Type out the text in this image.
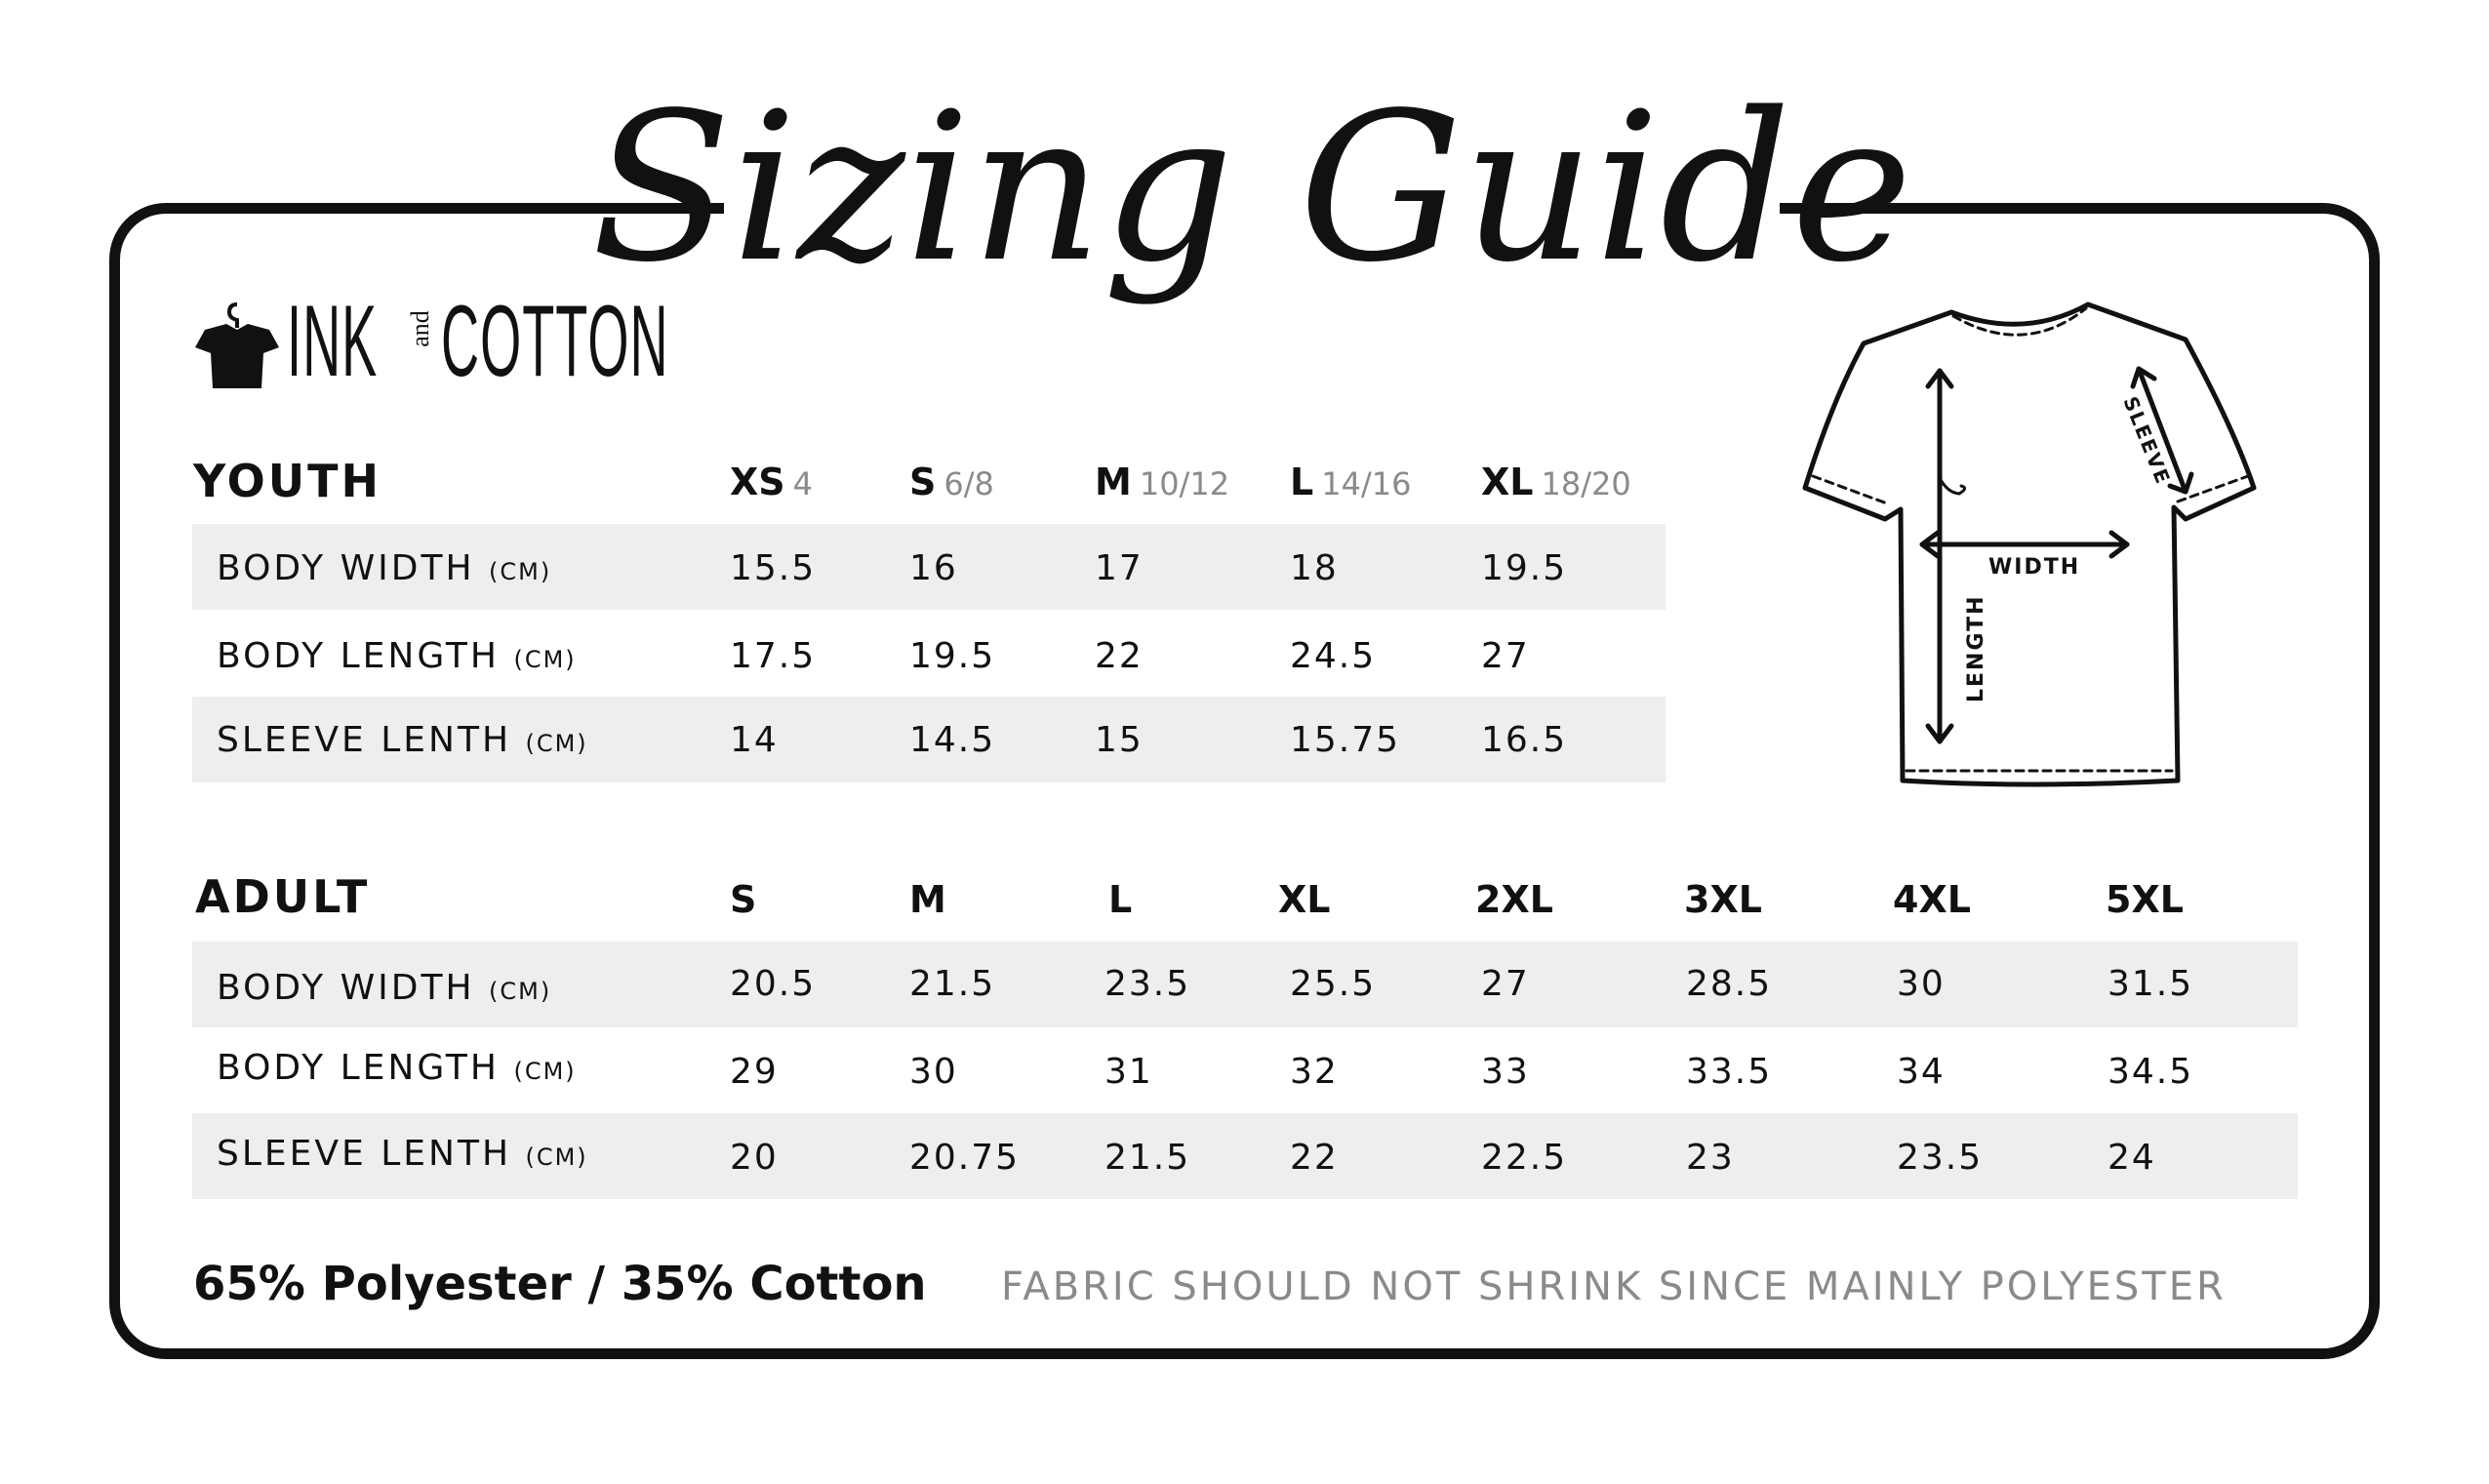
Sizing Guide
INK and COTTON
YOUTH	XS 4	S 6/8	M 10/12 L 14/16 XL 18/20
BODY WIDTH (CM)	15.5	16	17	18	19.5
BODY LENGTH (CM)	17.5	19.5	22	24.5	27
SLEEVE LENTH (CM)	14	14.5	15	15.75 16.5
ADULT	S	M	L	XL	2XL	3XL	4XL	5XL
BODY WIDTH (CM)	20.5	21.5	23.5	25.5	27	28.5	30	31.5
BODY LENGTH (CM)	29	30	31	32	33	33.5	34	34.5
SLEEVE LENTH (CM)	20	20.75 21.5	22	22.5	23	23.5	24
WIDTH
LENGTH
SLEEVE
65% Polyester / 35% Cotton FABRIC SHOULD NOT SHRINK SINCE MAINLY POLYESTER
